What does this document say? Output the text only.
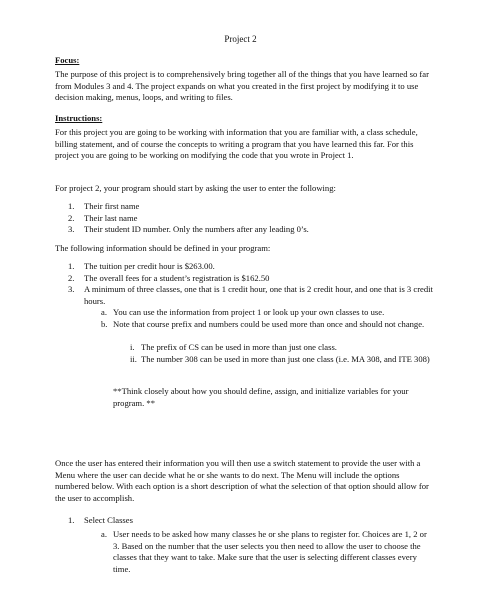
Project 2
Focus:
The purpose of this project is to comprehensively bring together all of the things that you have learned so far from Modules 3 and 4. The project expands on what you created in the first project by modifying it to use decision making, menus, loops, and writing to files.
Instructions:
For this project you are going to be working with information that you are familiar with, a class schedule, billing statement, and of course the concepts to writing a program that you have learned this far. For this project you are going to be working on modifying the code that you wrote in Project 1.
For project 2, your program should start by asking the user to enter the following:
1. Their first name
2. Their last name
3. Their student ID number. Only the numbers after any leading 0’s.
The following information should be defined in your program:
1. The tuition per credit hour is $263.00.
2. The overall fees for a student’s registration is $162.50
3. A minimum of three classes, one that is 1 credit hour, one that is 2 credit hour, and one that is 3 credit hours.
a. You can use the information from project 1 or look up your own classes to use.
b. Note that course prefix and numbers could be used more than once and should not change.
i. The prefix of CS can be used in more than just one class.
ii. The number 308 can be used in more than just one class (i.e. MA 308, and ITE 308)
**Think closely about how you should define, assign, and initialize variables for your program. **
Once the user has entered their information you will then use a switch statement to provide the user with a Menu where the user can decide what he or she wants to do next. The Menu will include the options numbered below. With each option is a short description of what the selection of that option should allow for the user to accomplish.
1. Select Classes
a. User needs to be asked how many classes he or she plans to register for. Choices are 1, 2 or 3. Based on the number that the user selects you then need to allow the user to choose the classes that they want to take. Make sure that the user is selecting different classes every time.
